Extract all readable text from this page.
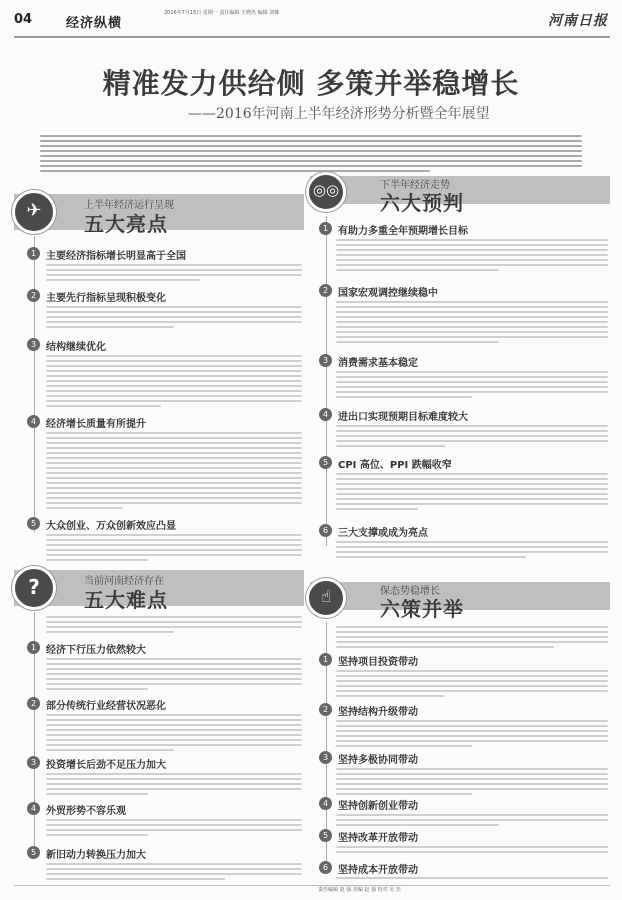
04	经济纵横
2016年7月15日 星期一 责任编辑 王晓杰 编辑 刘娜	河南日报
精准发力供给侧 多策并举稳增长
——2016年河南上半年经济形势分析暨全年展望
◎◎	下半年经济走势
六大预判
1 有助力多重全年预期增长目标
2 国家宏观调控继续稳中
3 消费需求基本稳定
4 进出口实现预期目标难度较大
5 CPI 高位、PPI 跌幅收窄
6 三大支撑或成为亮点
☝	保态势稳增长
六策并举
1 坚持项目投资带动
2 坚持结构升级带动
3 坚持多极协同带动
4 坚持创新创业带动
5 坚持改革开放带动
6 坚持成本开放带动
✈	上半年经济运行呈现
五大亮点
1 主要经济指标增长明显高于全国
2 主要先行指标呈现积极变化
3 结构继续优化
4 经济增长质量有所提升
5 大众创业、万众创新效应凸显
?	当前河南经济存在
五大难点
1 经济下行压力依然较大
2 部分传统行业经营状况恶化
3 投资增长后劲不足压力加大
4 外贸形势不容乐观
5 新旧动力转换压力加大
责任编辑 赵 强 美编 赵 强 校对 吴 杰
